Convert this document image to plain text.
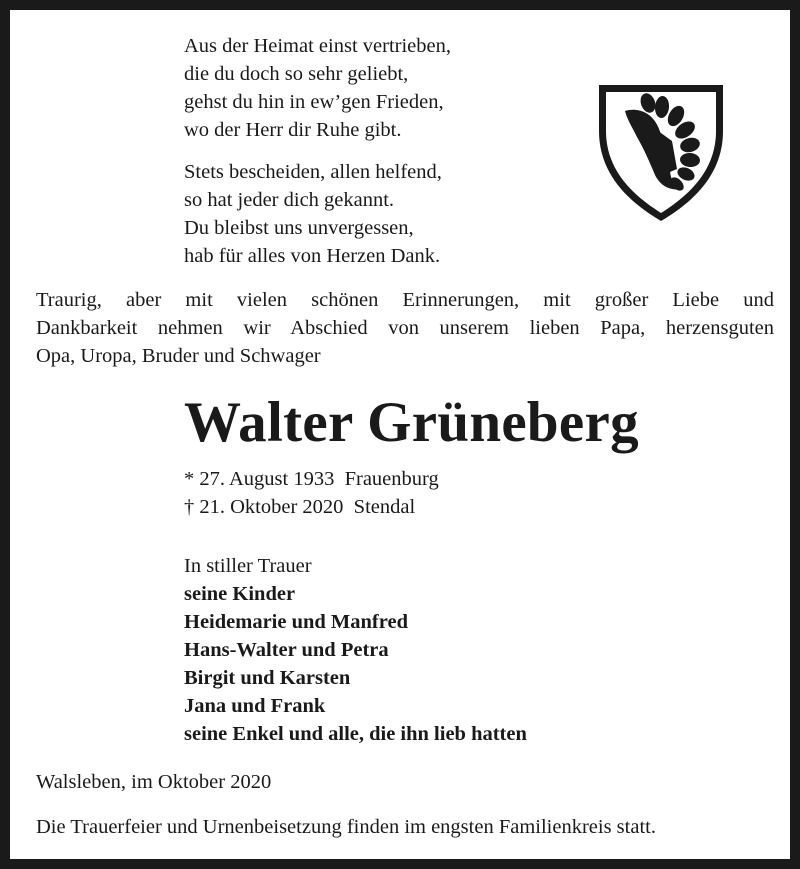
Aus der Heimat einst vertrieben,
die du doch so sehr geliebt,
gehst du hin in ew’gen Frieden,
wo der Herr dir Ruhe gibt.
Stets bescheiden, allen helfend,
so hat jeder dich gekannt.
Du bleibst uns unvergessen,
hab für alles von Herzen Dank.
Traurig, aber mit vielen schönen Erinnerungen, mit großer Liebe und
Dankbarkeit nehmen wir Abschied von unserem lieben Papa, herzensguten
Opa, Uropa, Bruder und Schwager
Walter Grüneberg
* 27. August 1933  Frauenburg
† 21. Oktober 2020  Stendal
In stiller Trauer
seine Kinder
Heidemarie und Manfred
Hans-Walter und Petra
Birgit und Karsten
Jana und Frank
seine Enkel und alle, die ihn lieb hatten
Walsleben, im Oktober 2020
Die Trauerfeier und Urnenbeisetzung finden im engsten Familienkreis statt.
